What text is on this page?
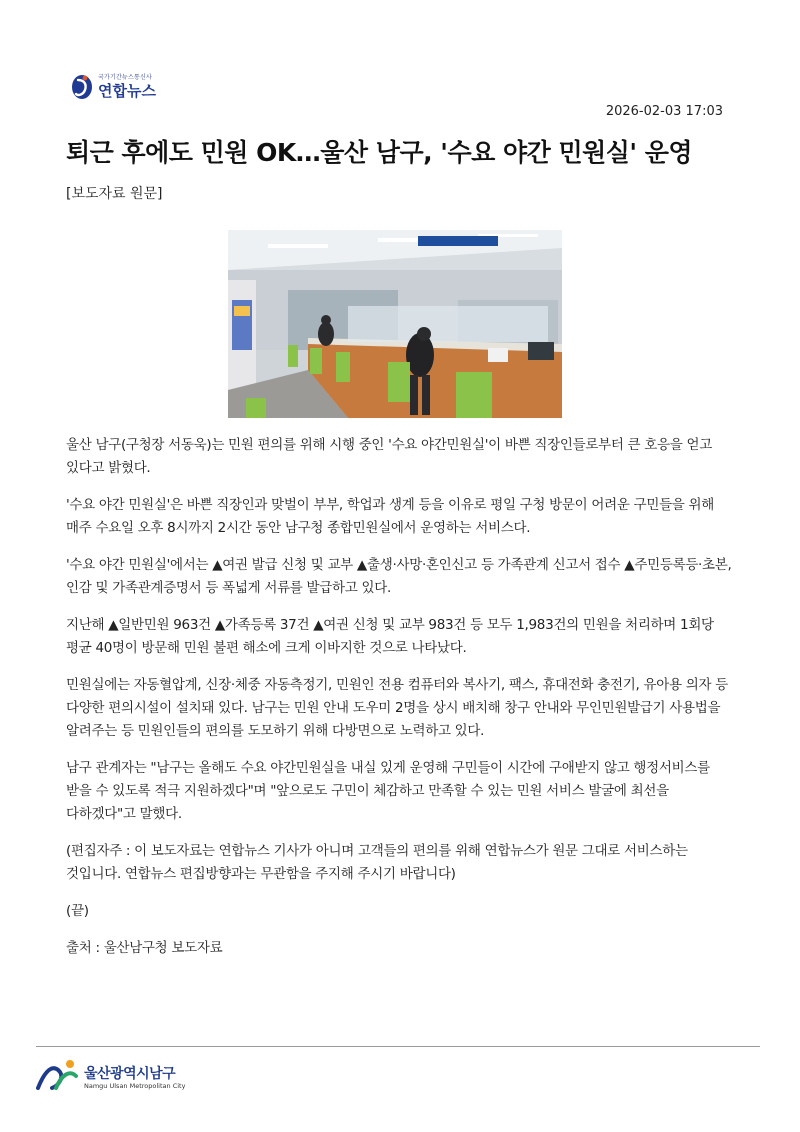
국가기간뉴스통신사
연합뉴스
2026-02-03 17:03
퇴근 후에도 민원 OK…울산 남구, '수요 야간 민원실' 운영
[보도자료 원문]

울산 남구(구청장 서동욱)는 민원 편의를 위해 시행 중인 '수요 야간민원실'이 바쁜 직장인들로부터 큰 호응을 얻고 있다고 밝혔다.

'수요 야간 민원실'은 바쁜 직장인과 맞벌이 부부, 학업과 생계 등을 이유로 평일 구청 방문이 어려운 구민들을 위해 매주 수요일 오후 8시까지 2시간 동안 남구청 종합민원실에서 운영하는 서비스다.

'수요 야간 민원실'에서는 ▲여권 발급 신청 및 교부 ▲출생·사망·혼인신고 등 가족관계 신고서 접수 ▲주민등록등·초본, 인감 및 가족관계증명서 등 폭넓게 서류를 발급하고 있다.

지난해 ▲일반민원 963건 ▲가족등록 37건 ▲여권 신청 및 교부 983건 등 모두 1,983건의 민원을 처리하며 1회당 평균 40명이 방문해 민원 불편 해소에 크게 이바지한 것으로 나타났다.

민원실에는 자동혈압계, 신장·체중 자동측정기, 민원인 전용 컴퓨터와 복사기, 팩스, 휴대전화 충전기, 유아용 의자 등 다양한 편의시설이 설치돼 있다. 남구는 민원 안내 도우미 2명을 상시 배치해 창구 안내와 무인민원발급기 사용법을 알려주는 등 민원인들의 편의를 도모하기 위해 다방면으로 노력하고 있다.

남구 관계자는 "남구는 올해도 수요 야간민원실을 내실 있게 운영해 구민들이 시간에 구애받지 않고 행정서비스를 받을 수 있도록 적극 지원하겠다"며 "앞으로도 구민이 체감하고 만족할 수 있는 민원 서비스 발굴에 최선을 다하겠다"고 말했다.

(편집자주 : 이 보도자료는 연합뉴스 기사가 아니며 고객들의 편의를 위해 연합뉴스가 원문 그대로 서비스하는 것입니다. 연합뉴스 편집방향과는 무관함을 주지해 주시기 바랍니다)

(끝)

출처 : 울산남구청 보도자료

울산광역시남구
Namgu Ulsan Metropolitan City
